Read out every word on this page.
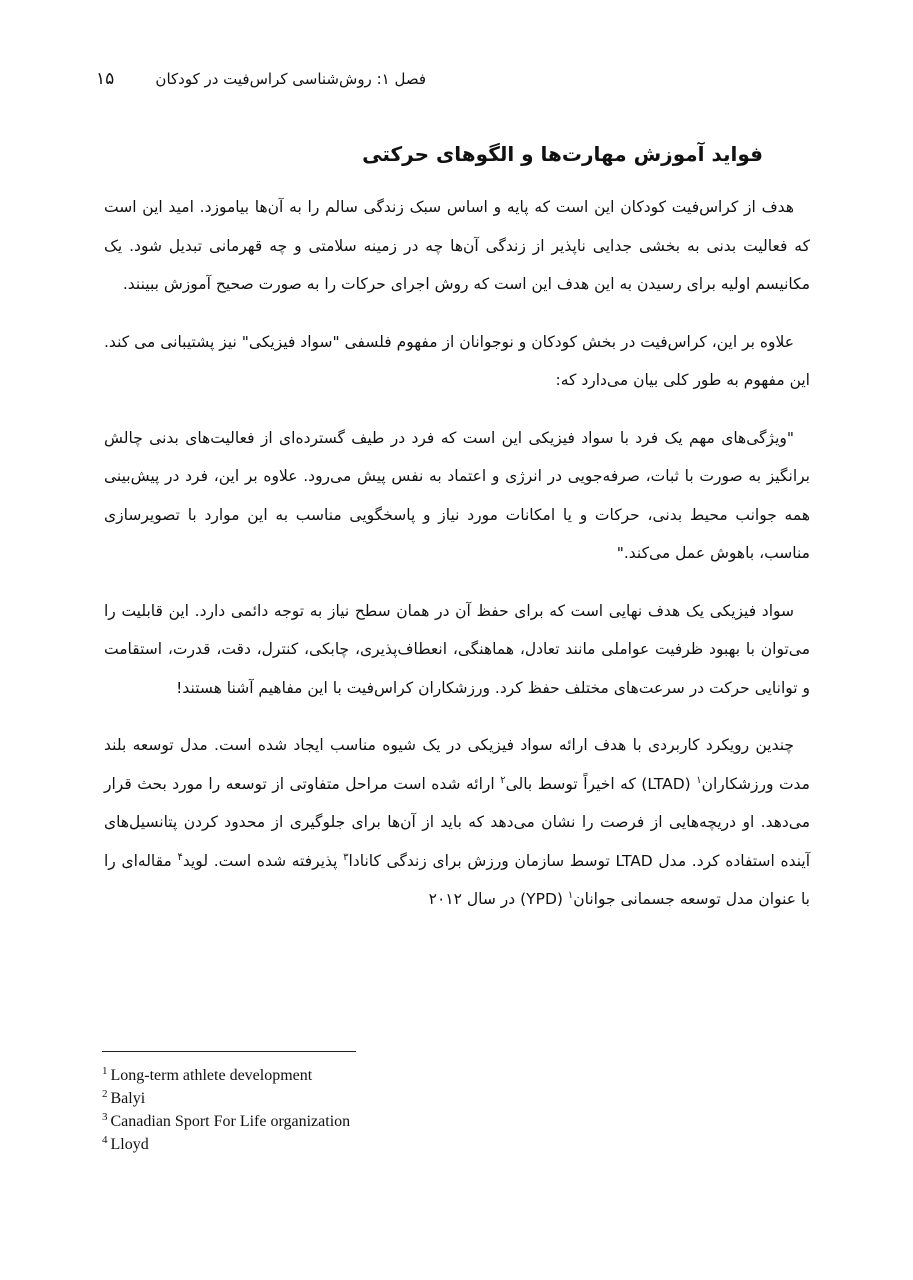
فصل ۱: روش‌شناسی کراس‌فیت در کودکان
۱۵
فواید آموزش مهارت‌ها و الگوهای حرکتی

هدف از کراس‌فیت کودکان این است که پایه و اساس سبک زندگی سالم را به آن‌ها بیاموزد. امید این است که فعالیت بدنی به بخشی جدایی ناپذیر از زندگی آن‌ها چه در زمینه سلامتی و چه قهرمانی تبدیل شود. یک مکانیسم اولیه برای رسیدن به این هدف این است که روش اجرای حرکات را به صورت صحیح آموزش ببینند.

علاوه بر این، کراس‌فیت در بخش کودکان و نوجوانان از مفهوم فلسفی "سواد فیزیکی" نیز پشتیبانی می کند. این مفهوم به طور کلی بیان می‌دارد که:

"ویژگی‌های مهم یک فرد با سواد فیزیکی این است که فرد در طیف گسترده‌ای از فعالیت‌های بدنی چالش برانگیز به صورت با ثبات، صرفه‌جویی در انرژی و اعتماد به نفس پیش می‌رود. علاوه بر این، فرد در پیش‌بینی همه جوانب محیط بدنی، حرکات و یا امکانات مورد نیاز و پاسخگویی مناسب به این موارد با تصویرسازی مناسب، باهوش عمل می‌کند."

سواد فیزیکی یک هدف نهایی است که برای حفظ آن در همان سطح نیاز به توجه دائمی دارد. این قابلیت را می‌توان با بهبود ظرفیت عواملی مانند تعادل، هماهنگی، انعطاف‌پذیری، چابکی، کنترل، دقت، قدرت، استقامت و توانایی حرکت در سرعت‌های مختلف حفظ کرد. ورزشکاران کراس‌فیت با این مفاهیم آشنا هستند!

چندین رویکرد کاربردی با هدف ارائه سواد فیزیکی در یک شیوه مناسب ایجاد شده است. مدل توسعه بلند مدت ورزشکاران$^۱$ (LTAD) که اخیراً توسط بالی$^۲$ ارائه شده است مراحل متفاوتی از توسعه را مورد بحث قرار می‌دهد. او دریچه‌هایی از فرصت را نشان می‌دهد که باید از آن‌ها برای جلوگیری از محدود کردن پتانسیل‌های آینده استفاده کرد. مدل LTAD توسط سازمان ورزش برای زندگی کانادا$^۳$ پذیرفته شده است. لوید$^۴$ مقاله‌ای را با عنوان مدل توسعه جسمانی جوانان$^۱$ (YPD) در سال ۲۰۱۲

$^1$ Long-term athlete development
$^2$ Balyi
$^3$ Canadian Sport For Life organization
$^4$ Lloyd
